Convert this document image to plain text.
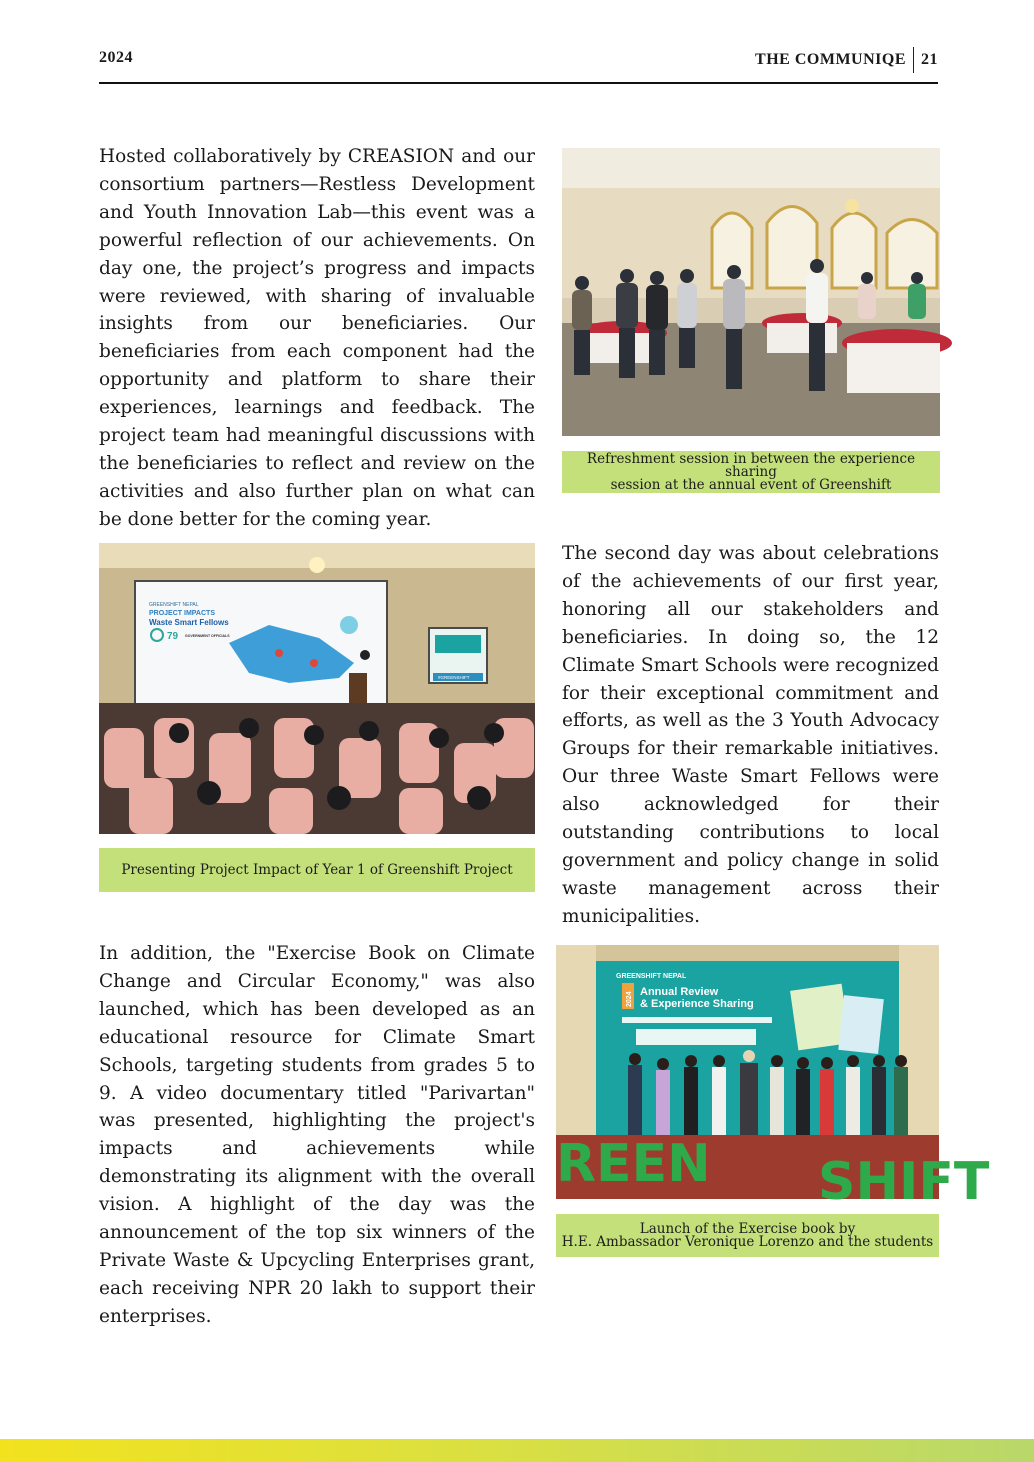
2024	THE COMMUNIQE 21

Hosted collaboratively by CREASION and our consortium partners—Restless Development and Youth Innovation Lab—this event was a powerful reflection of our achievements. On day one, the project’s progress and impacts were reviewed, with sharing of invaluable insights from our beneficiaries. Our beneficiaries from each component had the opportunity and platform to share their experiences, learnings and feedback. The project team had meaningful discussions with the beneficiaries to reflect and review on the activities and also further plan on what can be done better for the coming year.

Refreshment session in between the experience sharing
session at the annual event of Greenshift
GREENSHIFT NEPAL
PROJECT IMPACTS
Waste Smart Fellows
79 GOVERNMENT OFFICIALS
#GREENSHIFT
Presenting Project Impact of Year 1 of Greenshift Project

The second day was about celebrations of the achievements of our first year, honoring all our stakeholders and beneficiaries. In doing so, the 12 Climate Smart Schools were recognized for their exceptional commitment and efforts, as well as the 3 Youth Advocacy Groups for their remarkable initiatives. Our three Waste Smart Fellows were also acknowledged for their outstanding contributions to local government and policy change in solid waste management across their municipalities.

In addition, the "Exercise Book on Climate Change and Circular Economy," was also launched, which has been developed as an educational resource for Climate Smart Schools, targeting students from grades 5 to 9. A video documentary titled "Parivartan" was presented, highlighting the project's impacts and achievements while demonstrating its alignment with the overall vision. A highlight of the day was the announcement of the top six winners of the Private Waste & Upcycling Enterprises grant, each receiving NPR 20 lakh to support their enterprises.

GREENSHIFT NEPAL
2024 Annual Review
& Experience Sharing
REEN SHIFT
Launch of the Exercise book by
H.E. Ambassador Veronique Lorenzo and the students
